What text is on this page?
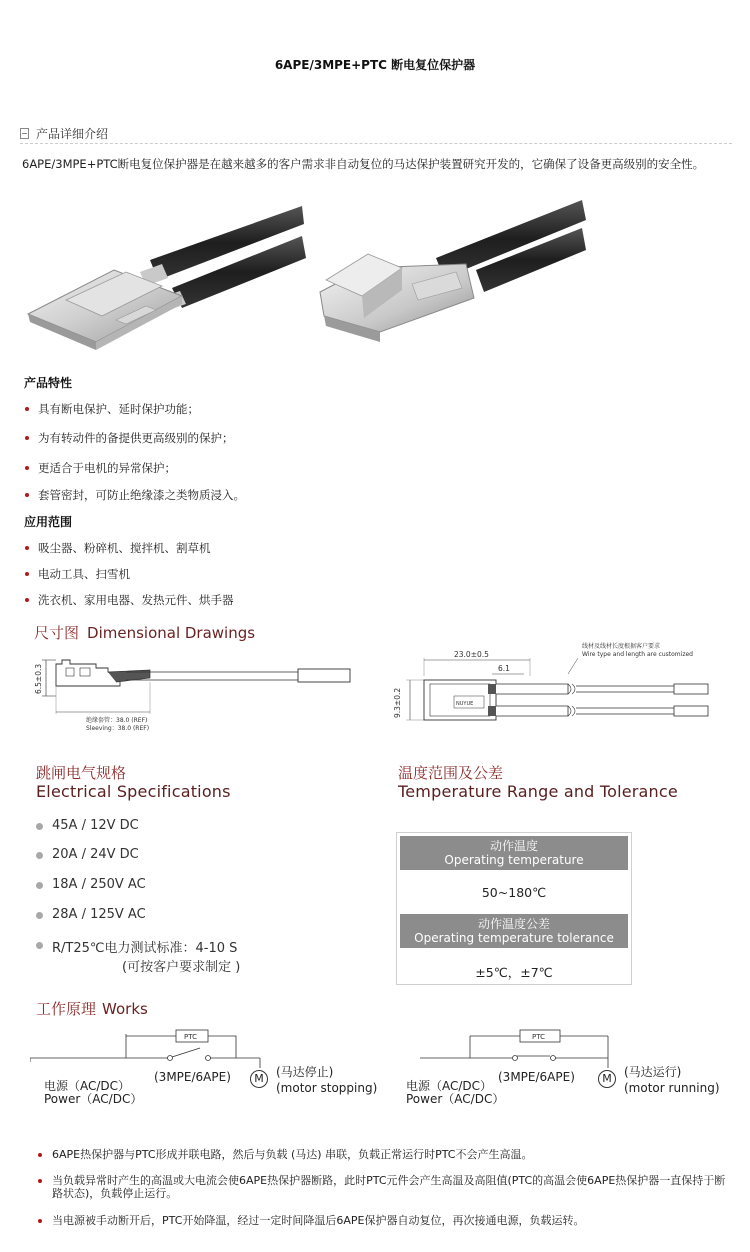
6APE/3MPE+PTC 断电复位保护器
产品详细介绍
6APE/3MPE+PTC断电复位保护器是在越来越多的客户需求非自动复位的马达保护装置研究开发的，它确保了设备更高级别的安全性。
产品特性
具有断电保护、延时保护功能；
为有转动件的备提供更高级别的保护；
更适合于电机的异常保护；
套管密封，可防止绝缘漆之类物质浸入。
应用范围
吸尘器、粉碎机、搅拌机、割草机
电动工具、扫雪机
洗衣机、家用电器、发热元件、烘手器
尺寸图 Dimensional Drawings
6.5±0.3
绝缘套管：38.0 (REF)
Sleeving：38.0 (REF)
线材及线材长度根据客户要求
Wire type and length are customized
23.0±0.5
6.1
9.3±0.2	NUYUE
跳闸电气规格
Electrical Specifications
45A / 12V DC
20A / 24V DC
18A / 250V AC
28A / 125V AC
R/T25℃电力测试标准：4-10 S
(可按客户要求制定 )
温度范围及公差
Temperature Range and Tolerance
动作温度
Operating temperature
50~180℃
动作温度公差
Operating temperature tolerance
±5℃，±7℃
工作原理 Works
PTC
(3MPE/6APE)	M	(马达停止)
(motor stopping)
电源（AC/DC）
Power（AC/DC）
PTC
(3MPE/6APE)	M	(马达运行)
(motor running)
电源（AC/DC）
Power（AC/DC）
6APE热保护器与PTC形成并联电路，然后与负载 (马达) 串联，负载正常运行时PTC不会产生高温。
当负载异常时产生的高温或大电流会使6APE热保护器断路，此时PTC元件会产生高温及高阻值(PTC的高温会使6APE热保护器一直保持于断路状态)，负载停止运行。
当电源被手动断开后，PTC开始降温，经过一定时间降温后6APE保护器自动复位，再次接通电源，负载运转。
